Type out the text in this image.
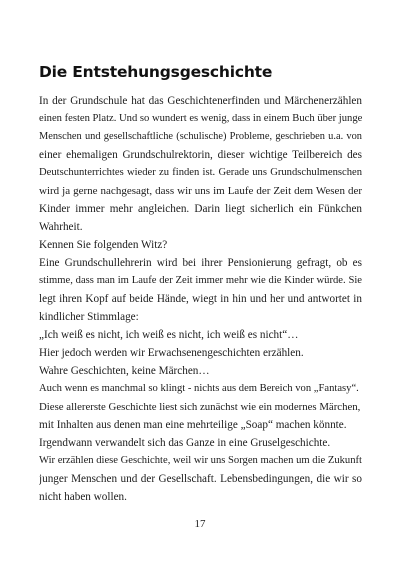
Die Entstehungsgeschichte
In der Grundschule hat das Geschichtenerfinden und Märchenerzählen
einen festen Platz. Und so wundert es wenig, dass in einem Buch über junge
Menschen und gesellschaftliche (schulische) Probleme, geschrieben u.a. von
einer ehemaligen Grundschulrektorin, dieser wichtige Teilbereich des
Deutschunterrichtes wieder zu finden ist. Gerade uns Grundschulmenschen
wird ja gerne nachgesagt, dass wir uns im Laufe der Zeit dem Wesen der
Kinder immer mehr angleichen. Darin liegt sicherlich ein Fünkchen
Wahrheit.
Kennen Sie folgenden Witz?
Eine Grundschullehrerin wird bei ihrer Pensionierung gefragt, ob es
stimme, dass man im Laufe der Zeit immer mehr wie die Kinder würde. Sie
legt ihren Kopf auf beide Hände, wiegt in hin und her und antwortet in
kindlicher Stimmlage:
„Ich weiß es nicht, ich weiß es nicht, ich weiß es nicht“…
Hier jedoch werden wir Erwachsenengeschichten erzählen.
Wahre Geschichten, keine Märchen…
Auch wenn es manchmal so klingt - nichts aus dem Bereich von „Fantasy“.
Diese allererste Geschichte liest sich zunächst wie ein modernes Märchen,
mit Inhalten aus denen man eine mehrteilige „Soap“ machen könnte.
Irgendwann verwandelt sich das Ganze in eine Gruselgeschichte.
Wir erzählen diese Geschichte, weil wir uns Sorgen machen um die Zukunft
junger Menschen und der Gesellschaft. Lebensbedingungen, die wir so
nicht haben wollen.
17
